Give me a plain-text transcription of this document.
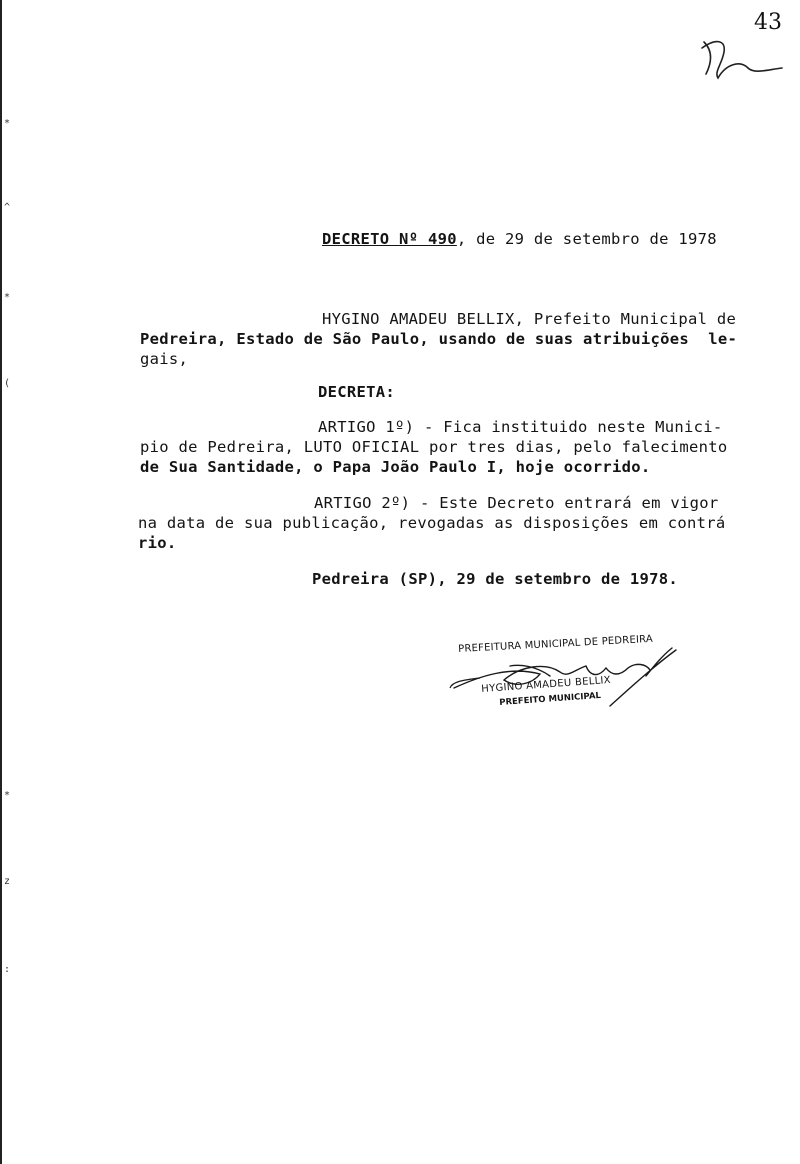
*
^
*
(
*
z
:
43
DECRETO Nº 490, de 29 de setembro de 1978
HYGINO AMADEU BELLIX, Prefeito Municipal de
Pedreira, Estado de São Paulo, usando de suas atribuições  le-
gais,
DECRETA:
ARTIGO 1º) - Fica instituido neste Munici-
pio de Pedreira, LUTO OFICIAL por tres dias, pelo falecimento
de Sua Santidade, o Papa João Paulo I, hoje ocorrido.
ARTIGO 2º) - Este Decreto entrará em vigor
na data de sua publicação, revogadas as disposições em contrá
rio.
Pedreira (SP), 29 de setembro de 1978.
PREFEITURA MUNICIPAL DE PEDREIRA
HYGINO AMADEU BELLIX
PREFEITO MUNICIPAL
